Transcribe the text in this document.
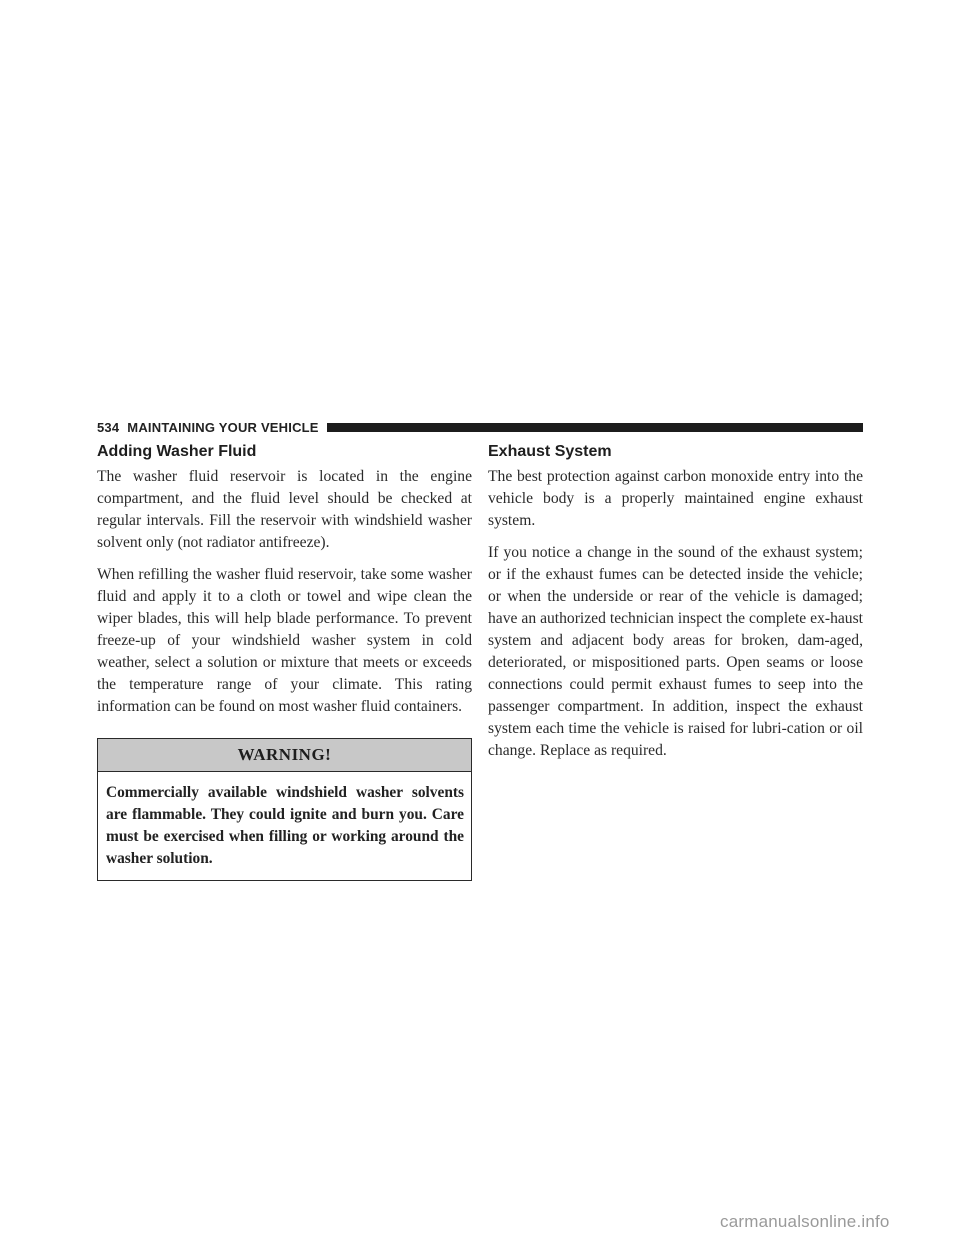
534 MAINTAINING YOUR VEHICLE
Adding Washer Fluid

The washer fluid reservoir is located in the engine compartment, and the fluid level should be checked at regular intervals. Fill the reservoir with windshield washer solvent only (not radiator antifreeze).

When refilling the washer fluid reservoir, take some washer fluid and apply it to a cloth or towel and wipe clean the wiper blades, this will help blade performance. To prevent freeze-up of your windshield washer system in cold weather, select a solution or mixture that meets or exceeds the temperature range of your climate. This rating information can be found on most washer fluid containers.

WARNING!
Commercially available windshield washer solvents are flammable. They could ignite and burn you. Care must be exercised when filling or working around the washer solution.
Exhaust System

The best protection against carbon monoxide entry into the vehicle body is a properly maintained engine exhaust system.

If you notice a change in the sound of the exhaust system; or if the exhaust fumes can be detected inside the vehicle; or when the underside or rear of the vehicle is damaged; have an authorized technician inspect the complete ex-haust system and adjacent body areas for broken, dam-aged, deteriorated, or mispositioned parts. Open seams or loose connections could permit exhaust fumes to seep into the passenger compartment. In addition, inspect the exhaust system each time the vehicle is raised for lubri-cation or oil change. Replace as required.

carmanualsonline.info
